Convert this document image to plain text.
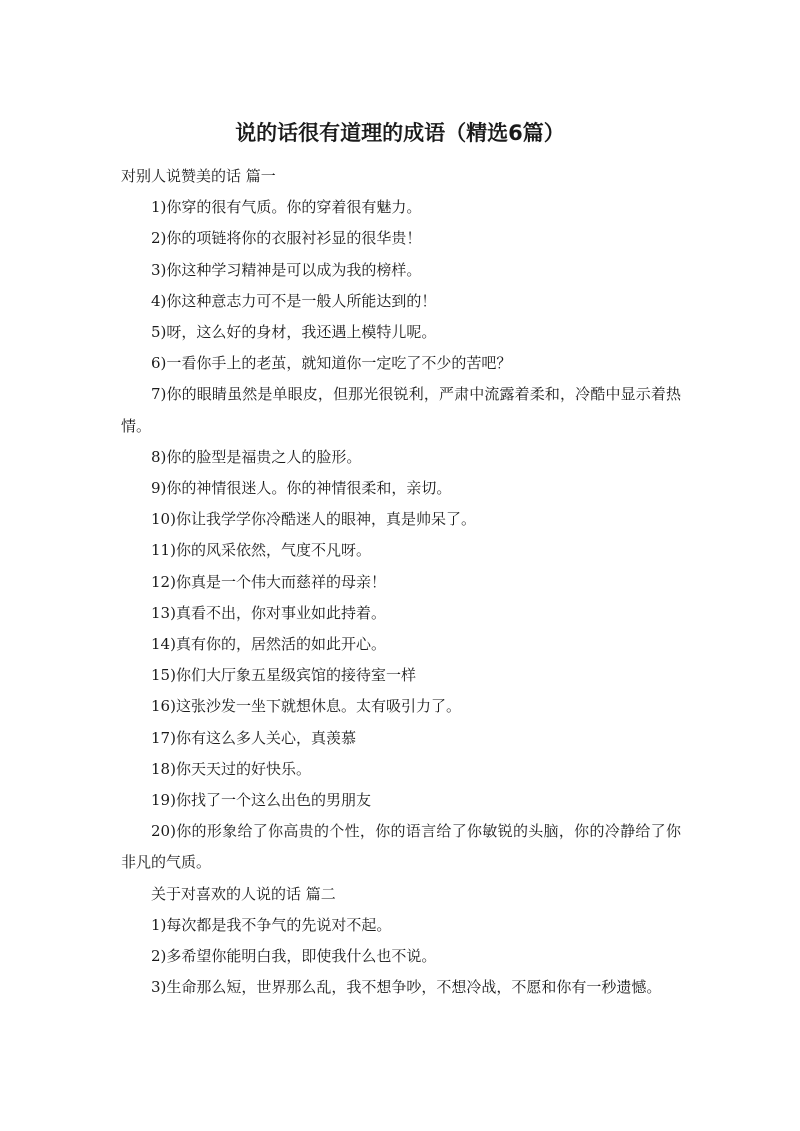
说的话很有道理的成语（精选6篇）

对别人说赞美的话 篇一

1)你穿的很有气质。你的穿着很有魅力。

2)你的项链将你的衣服衬衫显的很华贵！

3)你这种学习精神是可以成为我的榜样。

4)你这种意志力可不是一般人所能达到的！

5)呀，这么好的身材，我还遇上模特儿呢。

6)一看你手上的老茧，就知道你一定吃了不少的苦吧？

7)你的眼睛虽然是单眼皮，但那光很锐利，严肃中流露着柔和，冷酷中显示着热情。

8)你的脸型是福贵之人的脸形。

9)你的神情很迷人。你的神情很柔和，亲切。

10)你让我学学你冷酷迷人的眼神，真是帅呆了。

11)你的风采依然，气度不凡呀。

12)你真是一个伟大而慈祥的母亲！

13)真看不出，你对事业如此持着。

14)真有你的，居然活的如此开心。

15)你们大厅象五星级宾馆的接待室一样

16)这张沙发一坐下就想休息。太有吸引力了。

17)你有这么多人关心，真羡慕

18)你天天过的好快乐。

19)你找了一个这么出色的男朋友

20)你的形象给了你高贵的个性，你的语言给了你敏锐的头脑，你的冷静给了你非凡的气质。

关于对喜欢的人说的话 篇二

1)每次都是我不争气的先说对不起。

2)多希望你能明白我，即使我什么也不说。

3)生命那么短，世界那么乱，我不想争吵，不想冷战，不愿和你有一秒遗憾。
